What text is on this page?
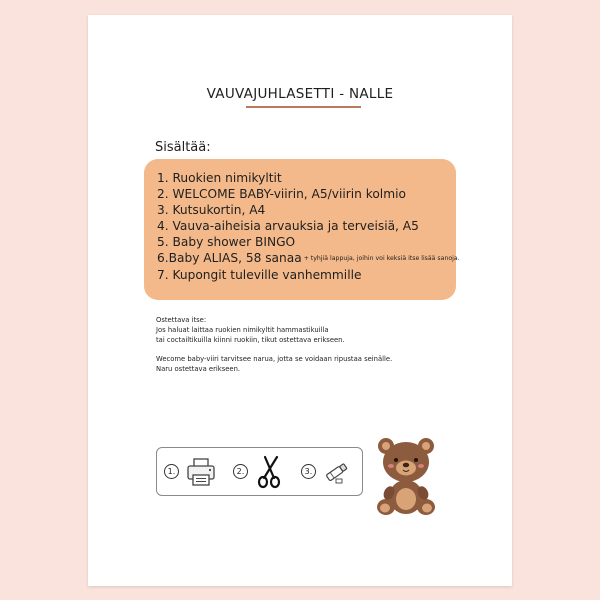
VAUVAJUHLASETTI - NALLE
Sisältää:
1. Ruokien nimikyltit
2. WELCOME BABY-viirin, A5/viirin kolmio
3. Kutsukortin, A4
4. Vauva-aiheisia arvauksia ja terveisiä, A5
5. Baby shower BINGO
6.Baby ALIAS, 58 sanaa + tyhjiä lappuja, joihin voi keksiä itse lisää sanoja.
7. Kupongit tuleville vanhemmille

Ostettava itse:
Jos haluat laittaa ruokien nimikyltit hammastikuilla
tai coctailtikuilla kiinni ruokiin, tikut ostettava erikseen.

Wecome baby-viiri tarvitsee narua, jotta se voidaan ripustaa seinälle.
Naru ostettava erikseen.

1.	2.	3.
